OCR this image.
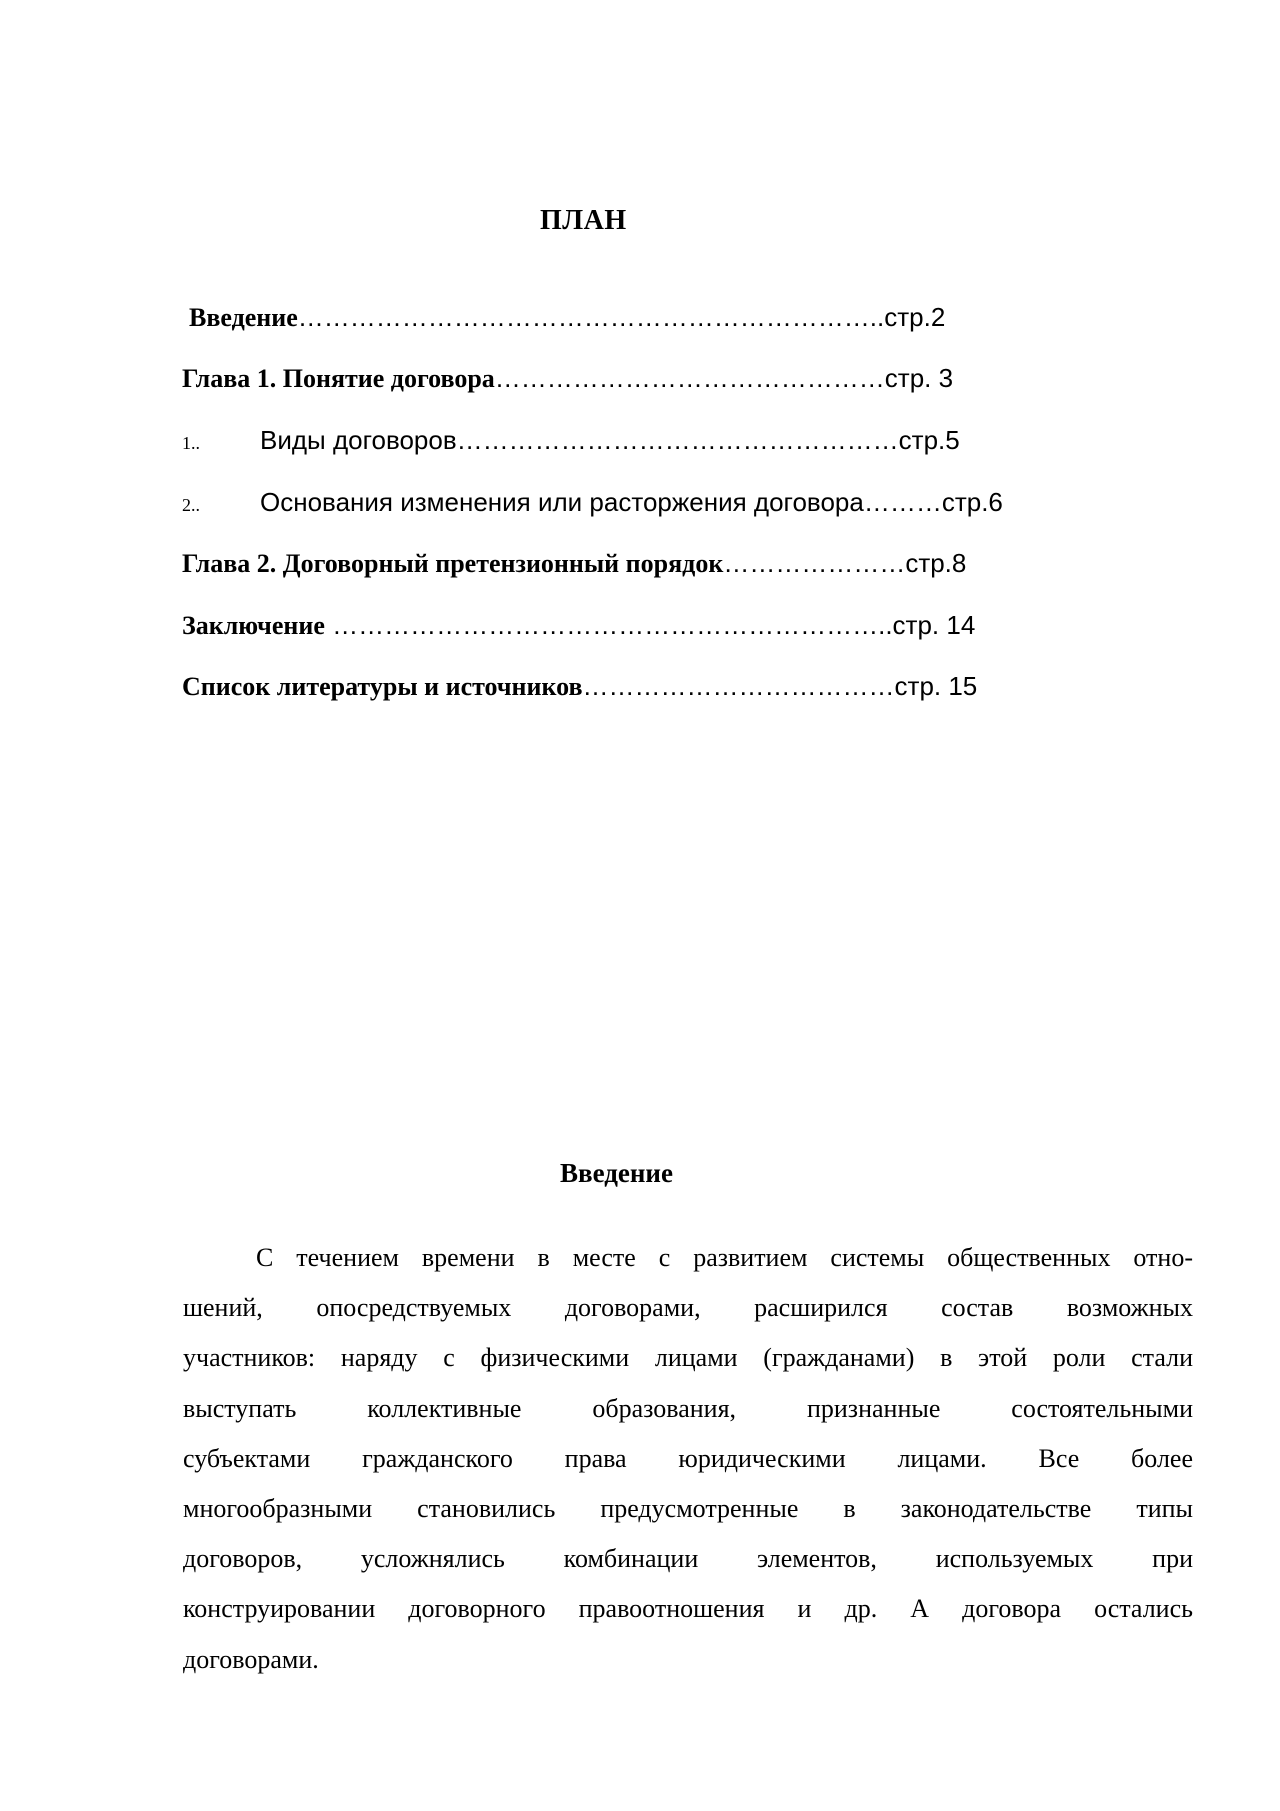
ПЛАН
Введение…………………………………………………………..стр.2
Глава 1. Понятие договора………………………………………стр. 3
1.. Виды договоров……………………………………………стр.5
2.. Основания изменения или расторжения договора………стр.6
Глава 2. Договорный претензионный порядок…………………стр.8
Заключение ………………………………………………………..стр. 14
Список литературы и источников………………………………стр. 15
Введение
С течением времени в месте с развитием системы общественных отно-
шений, опосредствуемых договорами, расширился состав возможных
участников: наряду с физическими лицами (гражданами) в этой роли стали
выступать коллективные образования, признанные состоятельными
субъектами гражданского права юридическими лицами. Все более
многообразными становились предусмотренные в законодательстве типы
договоров, усложнялись комбинации элементов, используемых при
конструировании договорного правоотношения и др. А договора остались
договорами.
